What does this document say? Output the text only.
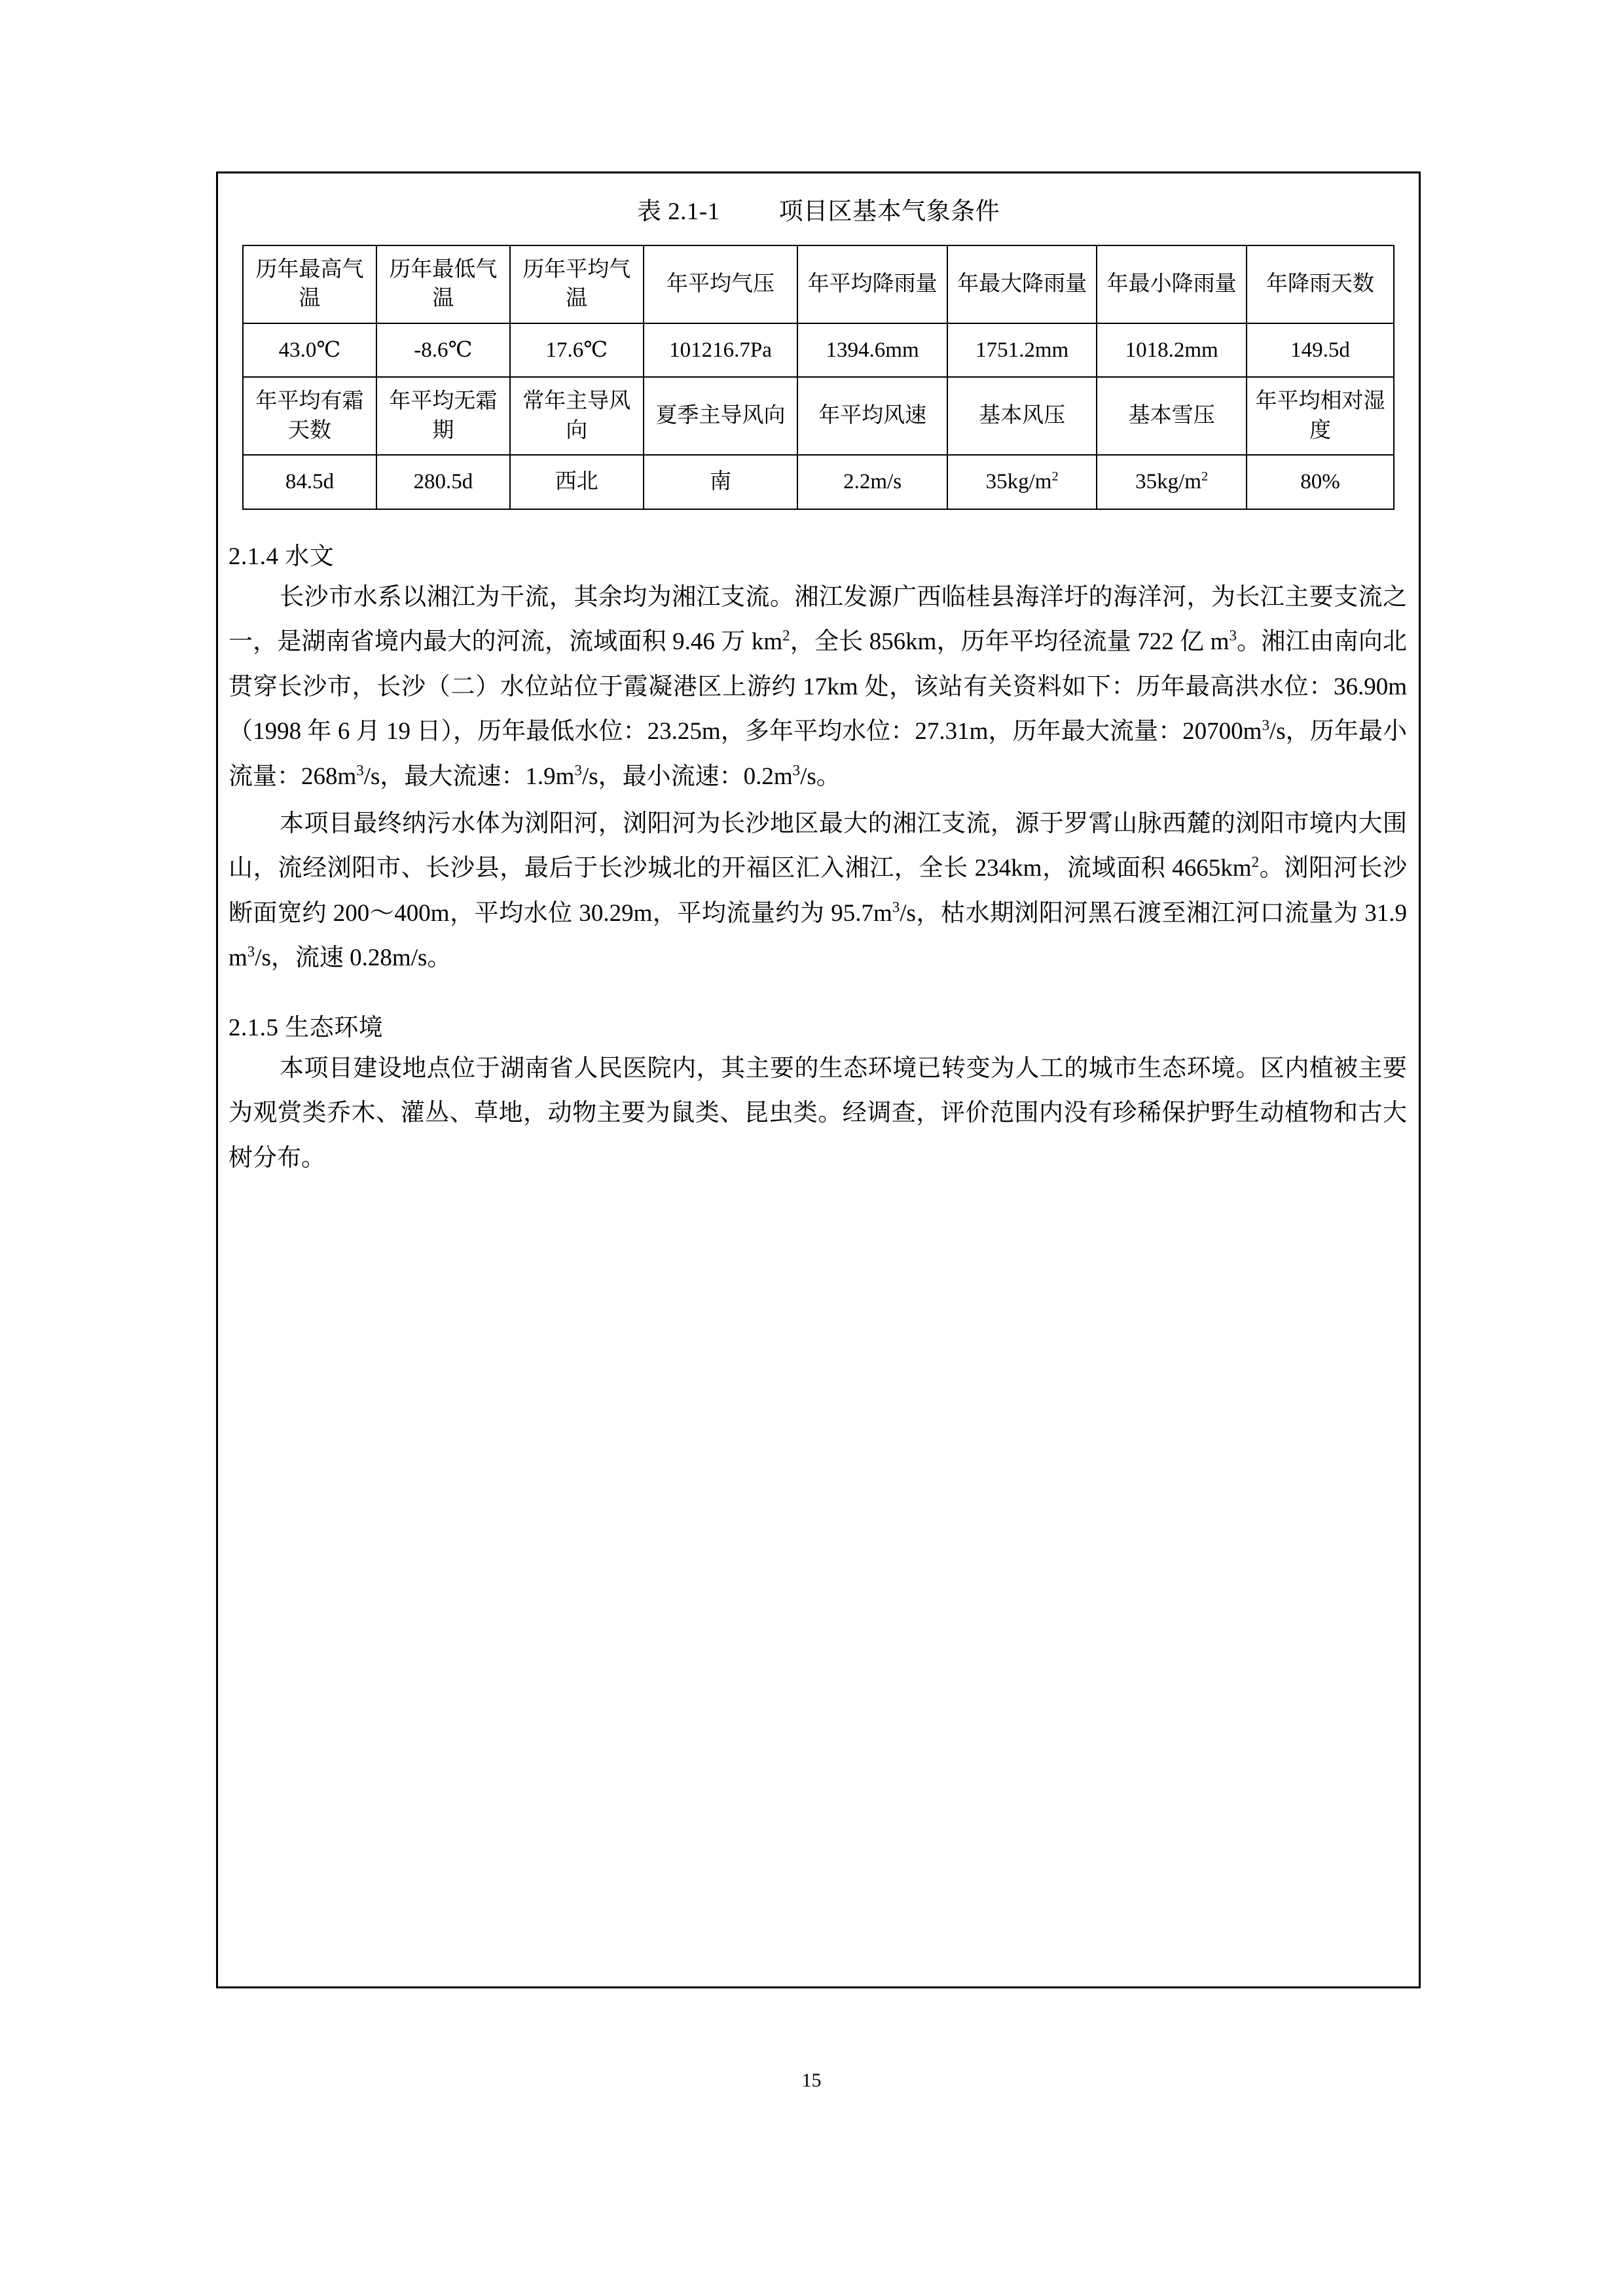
表 2.1-1 项目区基本气象条件
历年最高气温	历年最低气温	历年平均气温	年平均气压	年平均降雨量	年最大降雨量	年最小降雨量	年降雨天数
43.0℃	-8.6℃	17.6℃	101216.7Pa	1394.6mm	1751.2mm	1018.2mm	149.5d
年平均有霜天数	年平均无霜期	常年主导风向	夏季主导风向	年平均风速	基本风压	基本雪压	年平均相对湿度
84.5d	280.5d	西北	南	2.2m/s	$35kg/m^2$	$35kg/m^2$	80%
2.1.4 水文

长沙市水系以湘江为干流，其余均为湘江支流。湘江发源广西临桂县海洋圩的海洋河，为长江主要支流之一，是湖南省境内最大的河流，流域面积 9.46 万 $km^2$，全长 856km，历年平均径流量 722 亿 $m^3$。湘江由南向北贯穿长沙市，长沙（二）水位站位于霞凝港区上游约 17km 处，该站有关资料如下：历年最高洪水位：36.90m（1998 年 6 月 19 日），历年最低水位：23.25m，多年平均水位：27.31m，历年最大流量：$20700m^3/s$，历年最小流量：$268m^3/s$，最大流速：$1.9m^3/s$，最小流速：$0.2m^3/s$。

本项目最终纳污水体为浏阳河，浏阳河为长沙地区最大的湘江支流，源于罗霄山脉西麓的浏阳市境内大围山，流经浏阳市、长沙县，最后于长沙城北的开福区汇入湘江，全长 234km，流域面积 $4665km^2$。浏阳河长沙断面宽约 200～400m，平均水位 30.29m，平均流量约为 $95.7m^3/s$，枯水期浏阳河黑石渡至湘江河口流量为 31.9 $m^3/s$，流速 0.28m/s。

2.1.5 生态环境

本项目建设地点位于湖南省人民医院内，其主要的生态环境已转变为人工的城市生态环境。区内植被主要为观赏类乔木、灌丛、草地，动物主要为鼠类、昆虫类。经调查，评价范围内没有珍稀保护野生动植物和古大树分布。

15
